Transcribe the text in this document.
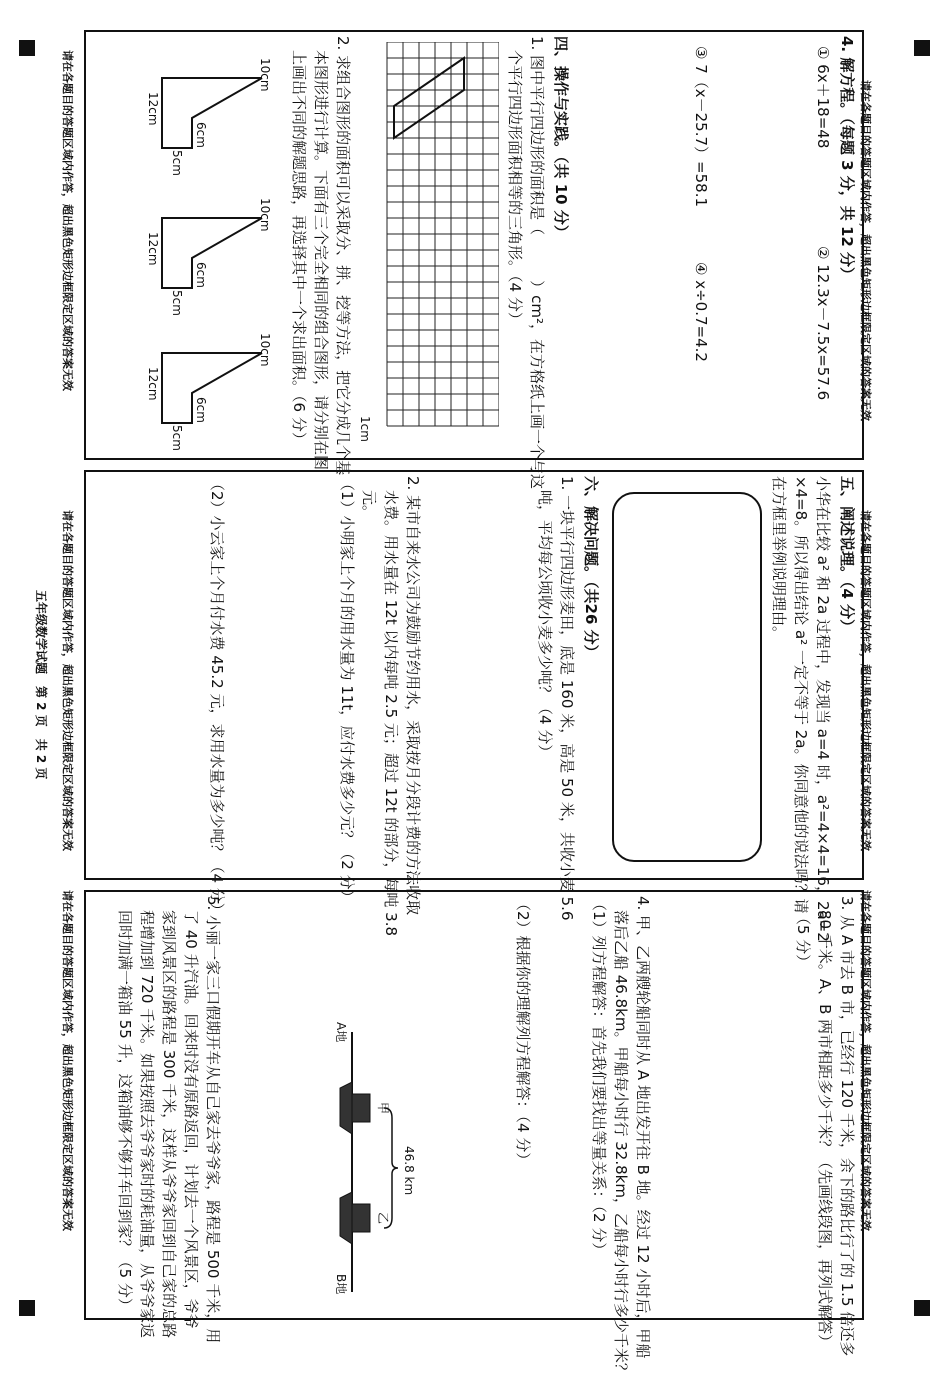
请在各题目的答题区域内作答，超出黑色矩形边框限定区域的答案无效
请在各题目的答题区域内作答，超出黑色矩形边框限定区域的答案无效
请在各题目的答题区域内作答，超出黑色矩形边框限定区域的答案无效
请在各题目的答题区域内作答，超出黑色矩形边框限定区域的答案无效
请在各题目的答题区域内作答，超出黑色矩形边框限定区域的答案无效
请在各题目的答题区域内作答，超出黑色矩形边框限定区域的答案无效
五年级数学试题　第 2 页　共 2 页
4. 解方程。（每题 3 分，共 12 分）
① 6x＋18=48
② 12.3x－7.5x=57.6
③ 7（x－25.7）=58.1
④ x÷0.7=4.2
四、操作与实践。（共 10 分）
1. 图中平行四边形的面积是（　　　）cm²，在方格纸上画一个与这
个平行四边形面积相等的三角形。（4 分）
1cm
2. 求组合图形的面积可以采取分、拼、挖等方法，把它分成几个基
本图形进行计算。下面有三个完全相同的组合图形，请分别在图
上画出不同的解题思路，再选择其中一个求出面积。（6 分）
10cm
12cm
6cm
5cm
10cm
12cm
6cm
5cm
10cm
12cm
6cm
5cm
五、阐述说理。（4 分）
小华在比较 a² 和 2a 过程中，发现当 a=4 时，a²=4×4=16，2a=2
×4=8。所以得出结论 a² 一定不等于 2a。你同意他的说法吗？请
在方框里举例说明理由。
六、解决问题。（共26 分）
1. 一块平行四边形麦田，底是 160 米，高是 50 米，共收小麦 5.6
吨，平均每公顷收小麦多少吨？（4 分）
2. 某市自来水公司为鼓励节约用水，采取按月分段计费的方法收取
水费。用水量在 12t 以内每吨 2.5 元；超过 12t 的部分，每吨 3.8
元。
（1）小明家上个月的用水量为 11t，应付水费多少元？（2 分）
（2）小云家上个月付水费 45.2 元，求用水量为多少吨？（4 分）
3. 从 A 市去 B 市，已经行 120 千米，余下的路比行了的 1.5 倍还多
80 千米。A、B 两市相距多少千米？（先画线段图，再列式解答）
（5 分）
4. 甲、乙两艘轮船同时从 A 地出发开往 B 地。经过 12 小时后，甲船
落后乙船 46.8km。甲船每小时行 32.8km，乙船每小时行多少千米？
（1）列方程解答：首先我们要找出等量关系：（2 分）
（2）根据你的理解列方程解答：（4 分）
甲
乙
A地
B地
46.8 km
5. 小丽一家三口假期开车从自己家去爷爷家，路程是 500 千米，用
了 40 升汽油。回来时没有原路返回，计划去一个风景区，爷爷
家到风景区的路程是 300 千米，这样从爷爷家回到自己家的总路
程增加到 720 千米。如果按照去爷爷家时的耗油量，从爷爷家返
回时加满一箱油 55 升，这箱油够不够开车回到家？（5 分）
